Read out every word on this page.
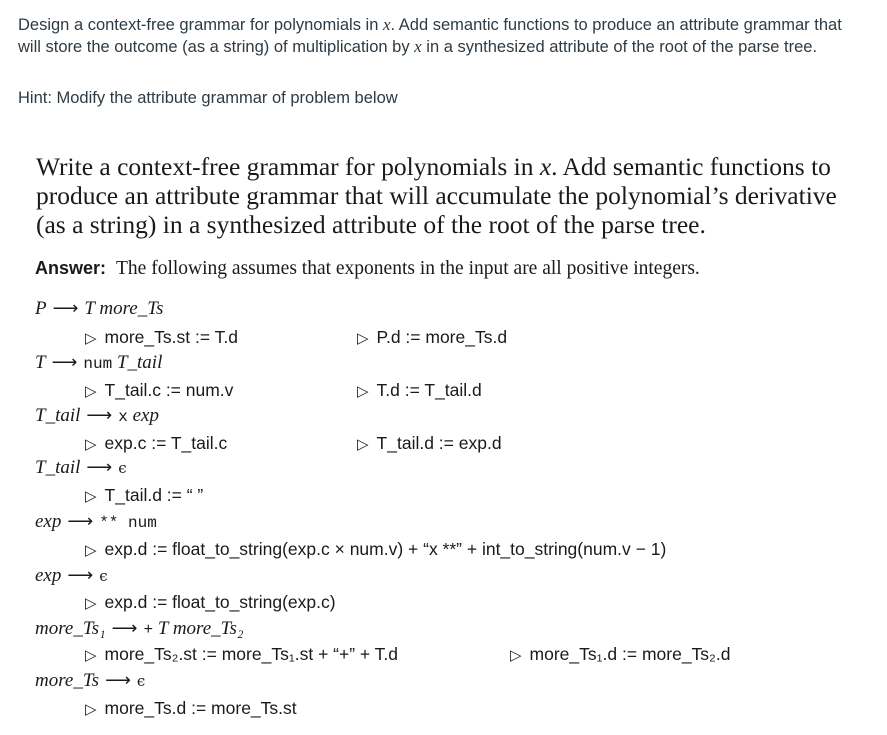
Design a context-free grammar for polynomials in x. Add semantic functions to produce an attribute grammar that will store the outcome (as a string) of multiplication by x in a synthesized attribute of the root of the parse tree.
Hint: Modify the attribute grammar of problem below
Write a context-free grammar for polynomials in x. Add semantic functions to produce an attribute grammar that will accumulate the polynomial’s derivative (as a string) in a synthesized attribute of the root of the parse tree.
Answer: The following assumes that exponents in the input are all positive integers.
P ⟶ T more_Ts
▷ more_Ts.st := T.d	▷ P.d := more_Ts.d
T ⟶ num T_tail
▷ T_tail.c := num.v	▷ T.d := T_tail.d
T_tail ⟶ x exp
▷ exp.c := T_tail.c	▷ T_tail.d := exp.d
T_tail ⟶ ϵ
▷ T_tail.d := “ ”
exp ⟶ ** num
▷ exp.d := float_to_string(exp.c × num.v) + “x **” + int_to_string(num.v − 1)
exp ⟶ ϵ
▷ exp.d := float_to_string(exp.c)
more_Ts₁ ⟶ + T more_Ts₂
▷ more_Ts₂.st := more_Ts₁.st + “+” + T.d	▷ more_Ts₁.d := more_Ts₂.d
more_Ts ⟶ ϵ
▷ more_Ts.d := more_Ts.st
